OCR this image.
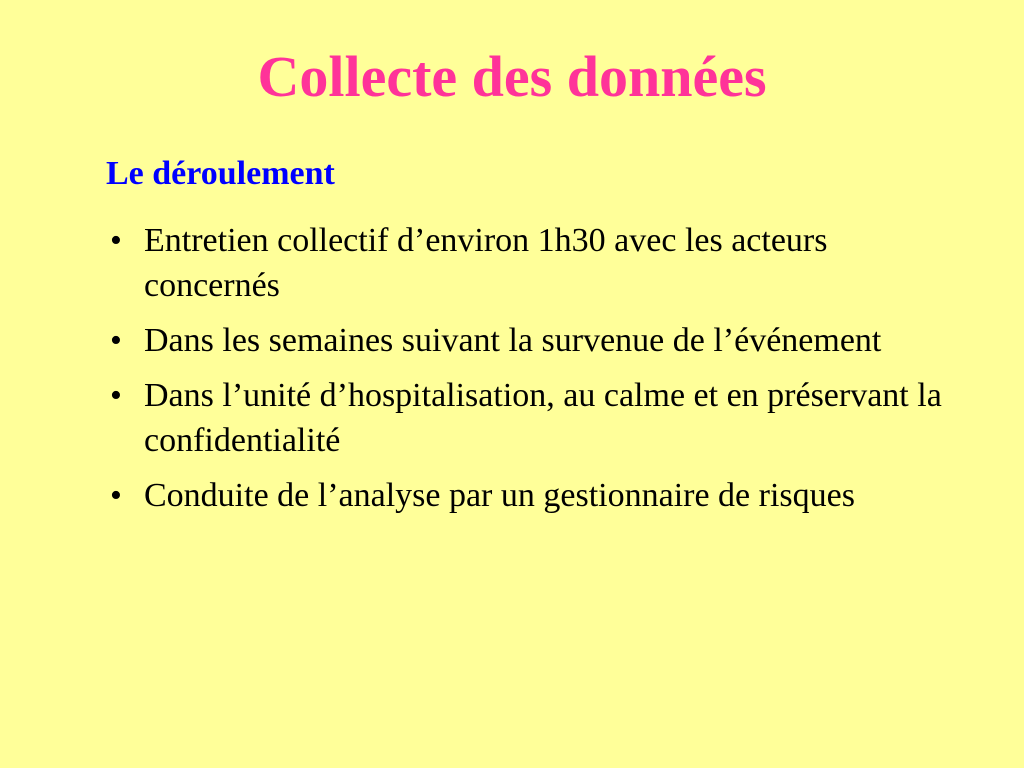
Collecte des données
Le déroulement
• Entretien collectif d’environ 1h30 avec les acteurs concernés
• Dans les semaines suivant la survenue de l’événement
• Dans l’unité d’hospitalisation, au calme et en préservant la confidentialité
• Conduite de l’analyse par un gestionnaire de risques
